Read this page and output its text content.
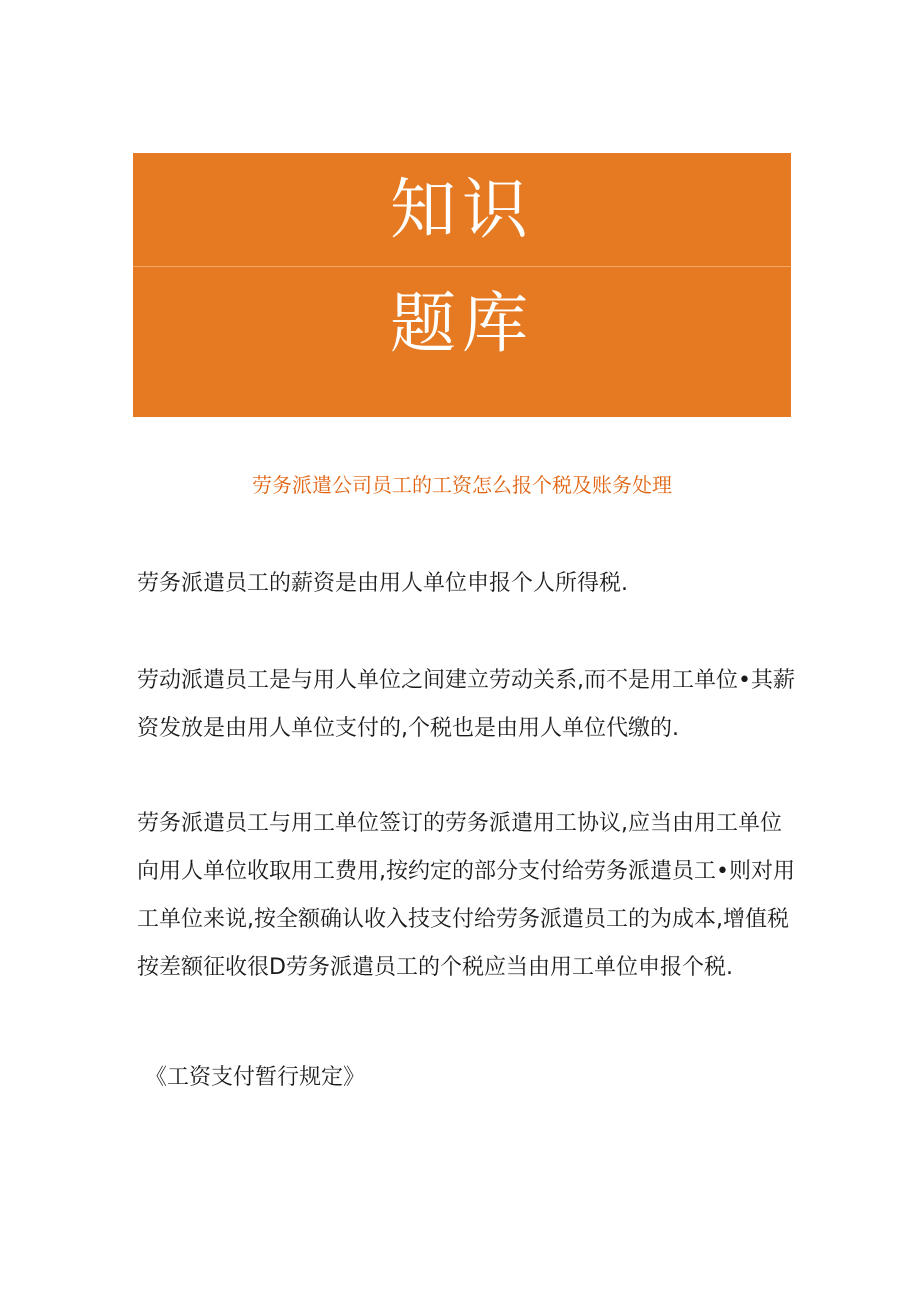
知识
题库
劳务派遣公司员工的工资怎么报个税及账务处理
劳务派遣员工的薪资是由用人单位申报个人所得税.
劳动派遣员工是与用人单位之间建立劳动关系,而不是用工单位•其薪
资发放是由用人单位支付的,个税也是由用人单位代缴的.
劳务派遣员工与用工单位签订的劳务派遣用工协议,应当由用工单位
向用人单位收取用工费用,按约定的部分支付给劳务派遣员工•则对用
工单位来说,按全额确认收入技支付给劳务派遣员工的为成本,增值税
按差额征收很D劳务派遣员工的个税应当由用工单位申报个税.
《工资支付暂行规定》
